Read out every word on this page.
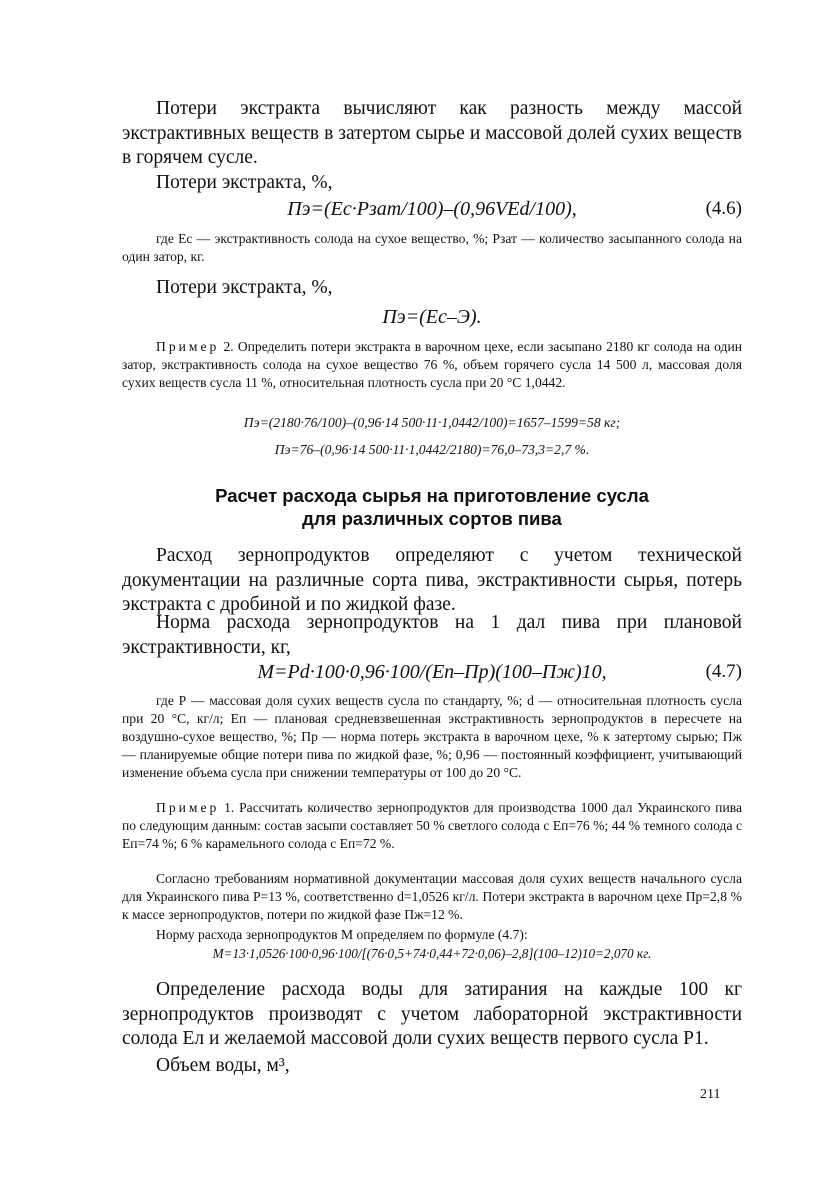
Потери экстракта вычисляют как разность между массой экстрактивных веществ в затертом сырье и массовой долей сухих веществ в горячем сусле.
Потери экстракта, %,
Пэ=(Ес·Рзат/100)–(0,96VEd/100),	(4.6)
где Ес — экстрактивность солода на сухое вещество, %; Рзат — количество засыпанного солода на один затор, кг.
Потери экстракта, %,
Пэ=(Ес–Э).
Пример 2. Определить потери экстракта в варочном цехе, если засыпано 2180 кг солода на один затор, экстрактивность солода на сухое вещество 76 %, объем горячего сусла 14 500 л, массовая доля сухих веществ сусла 11 %, относительная плотность сусла при 20 °С 1,0442.
Пэ=(2180·76/100)–(0,96·14 500·11·1,0442/100)=1657–1599=58 кг;
Пэ=76–(0,96·14 500·11·1,0442/2180)=76,0–73,3=2,7 %.
Расчет расхода сырья на приготовление сусла
для различных сортов пива
Расход зернопродуктов определяют с учетом технической документации на различные сорта пива, экстрактивности сырья, потерь экстракта с дробиной и по жидкой фазе.
Норма расхода зернопродуктов на 1 дал пива при плановой экстрактивности, кг,
M=Pd·100·0,96·100/(Еп–Пр)(100–Пж)10,	(4.7)
где Р — массовая доля сухих веществ сусла по стандарту, %; d — относительная плотность сусла при 20 °С, кг/л; Еп — плановая средневзвешенная экстрактивность зернопродуктов в пересчете на воздушно-сухое вещество, %; Пр — норма потерь экстракта в варочном цехе, % к затертому сырью; Пж — планируемые общие потери пива по жидкой фазе, %; 0,96 — постоянный коэффициент, учитывающий изменение объема сусла при снижении температуры от 100 до 20 °С.
Пример 1. Рассчитать количество зернопродуктов для производства 1000 дал Украинского пива по следующим данным: состав засыпи составляет 50 % светлого солода с Еп=76 %; 44 % темного солода с Еп=74 %; 6 % карамельного солода с Еп=72 %.
Согласно требованиям нормативной документации массовая доля сухих веществ начального сусла для Украинского пива Р=13 %, соответственно d=1,0526 кг/л. Потери экстракта в варочном цехе Пр=2,8 % к массе зернопродуктов, потери по жидкой фазе Пж=12 %.
Норму расхода зернопродуктов М определяем по формуле (4.7):
M=13·1,0526·100·0,96·100/[(76·0,5+74·0,44+72·0,06)–2,8](100–12)10=2,070 кг.
Определение расхода воды для затирания на каждые 100 кг зернопродуктов производят с учетом лабораторной экстрактивности солода Ел и желаемой массовой доли сухих веществ первого сусла Р1.
Объем воды, м³,
211
